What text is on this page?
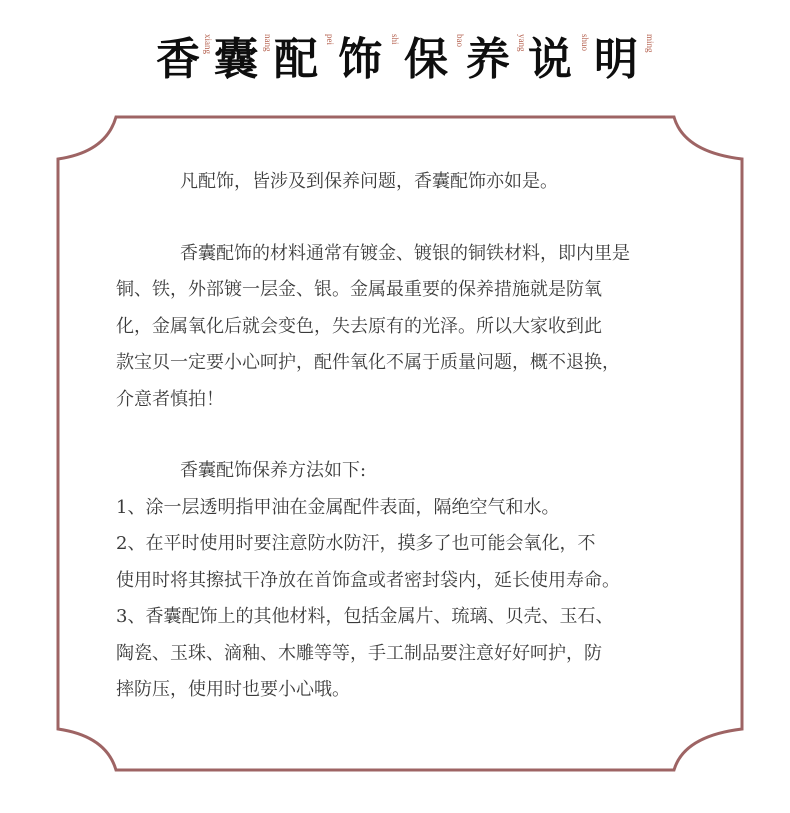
香 xiang 囊 nang 配 pei 饰 shi 保 bao 养 yang 说 shuo 明 ming

凡配饰，皆涉及到保养问题，香囊配饰亦如是。

香囊配饰的材料通常有镀金、镀银的铜铁材料，即内里是

铜、铁，外部镀一层金、银。金属最重要的保养措施就是防氧

化，金属氧化后就会变色，失去原有的光泽。所以大家收到此

款宝贝一定要小心呵护，配件氧化不属于质量问题，概不退换，

介意者慎拍！

香囊配饰保养方法如下:

1、涂一层透明指甲油在金属配件表面，隔绝空气和水。

2、在平时使用时要注意防水防汗，摸多了也可能会氧化，不

使用时将其擦拭干净放在首饰盒或者密封袋内，延长使用寿命。

3、香囊配饰上的其他材料，包括金属片、琉璃、贝壳、玉石、

陶瓷、玉珠、滴釉、木雕等等，手工制品要注意好好呵护，防

摔防压，使用时也要小心哦。
